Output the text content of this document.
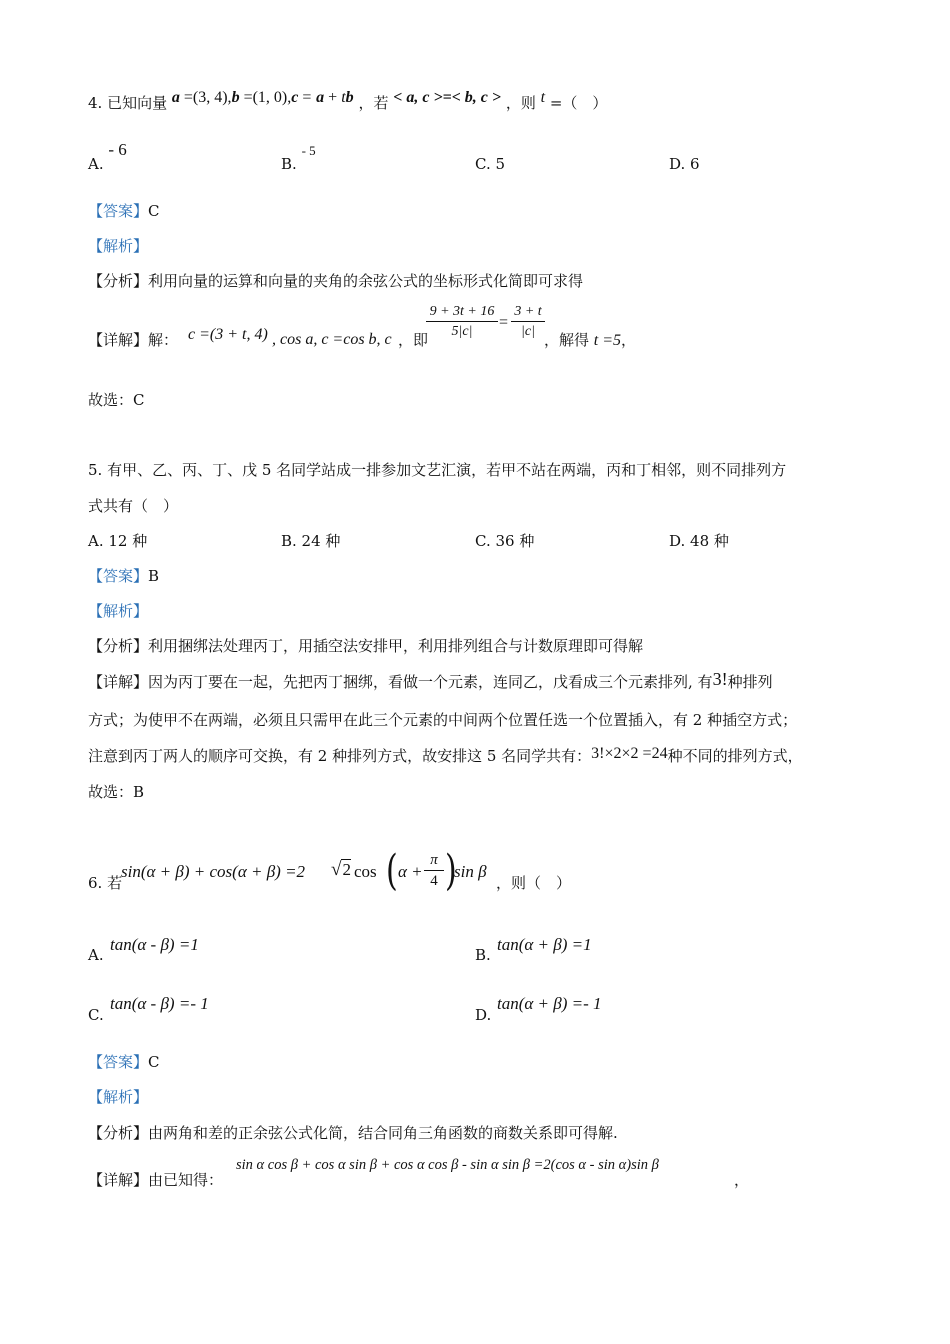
4. 已知向量 a =(3, 4),b =(1, 0),c = a + tb ，若 < a, c >=< b, c > ，则 t =（　）
A. - 6
B. - 5
C. 5	D. 6
【答案】C
【解析】
【分析】利用向量的运算和向量的夹角的余弦公式的坐标形式化简即可求得
【详解】解： c =(3 + t, 4) , cos a, c =cos b, c ，即
$\frac{9 + 3t + 16}{5|c|} = \frac{3 + t}{|c|}$ ，解得 t =5，
故选：C
5. 有甲、乙、丙、丁、戊 5 名同学站成一排参加文艺汇演，若甲不站在两端，丙和丁相邻，则不同排列方
式共有（　）
A. 12 种	B. 24 种	C. 36 种	D. 48 种
【答案】B
【解析】
【分析】利用捆绑法处理丙丁，用插空法安排甲，利用排列组合与计数原理即可得解
【详解】因为丙丁要在一起，先把丙丁捆绑，看做一个元素，连同乙，戊看成三个元素排列, 有3!种排列
方式；为使甲不在两端，必须且只需甲在此三个元素的中间两个位置任选一个位置插入，有 2 种插空方式；
注意到丙丁两人的顺序可交换，有 2 种排列方式，故安排这 5 名同学共有：3!×2×2 =24种不同的排列方式，
故选：B
6. 若
sin(α + β) + cos(α + β) =2 √2 cos ( $\alpha + \frac{\pi}{4}$ )
sin β
，则（　）
A.
tan(α - β) =1
B.
tan(α + β) =1
C.
tan(α - β) =- 1
D.
tan(α + β) =- 1
【答案】C
【解析】
【分析】由两角和差的正余弦公式化简，结合同角三角函数的商数关系即可得解.
【详解】由已知得：
sin α cos β + cos α sin β + cos α cos β - sin α sin β =2(cos α - sin α)sin β
，
